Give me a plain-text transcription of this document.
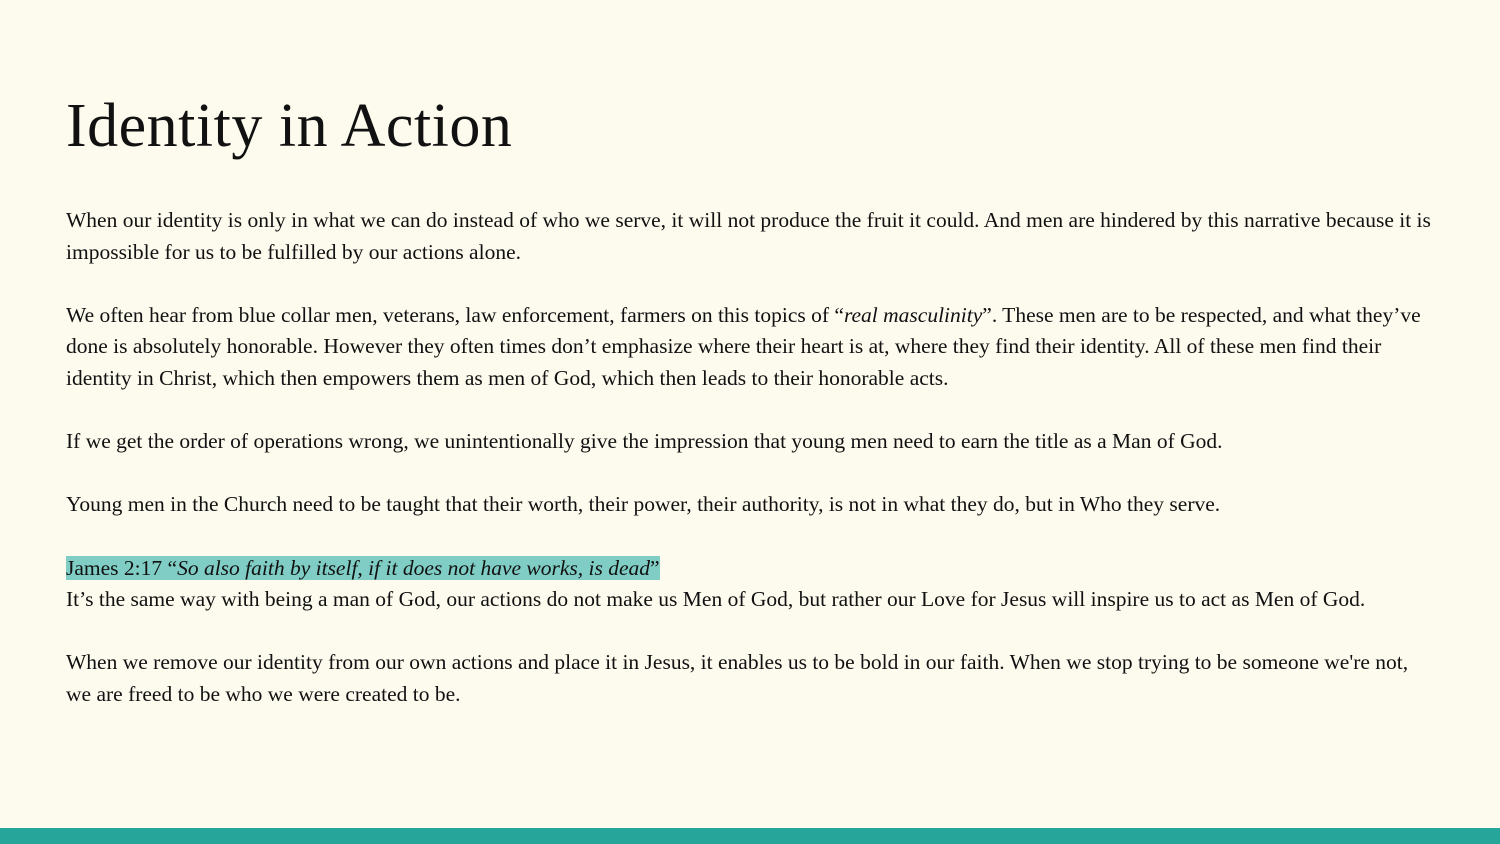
Identity in Action

When our identity is only in what we can do instead of who we serve, it will not produce the fruit it could. And men are hindered by this narrative because it is impossible for us to be fulfilled by our actions alone.

We often hear from blue collar men, veterans, law enforcement, farmers on this topics of “real masculinity”. These men are to be respected, and what they’ve done is absolutely honorable. However they often times don’t emphasize where their heart is at, where they find their identity. All of these men find their identity in Christ, which then empowers them as men of God, which then leads to their honorable acts.

If we get the order of operations wrong, we unintentionally give the impression that young men need to earn the title as a Man of God.

Young men in the Church need to be taught that their worth, their power, their authority, is not in what they do, but in Who they serve.

James 2:17 “So also faith by itself, if it does not have works, is dead”

It’s the same way with being a man of God, our actions do not make us Men of God, but rather our Love for Jesus will inspire us to act as Men of God.

When we remove our identity from our own actions and place it in Jesus, it enables us to be bold in our faith. When we stop trying to be someone we're not, we are freed to be who we were created to be.
